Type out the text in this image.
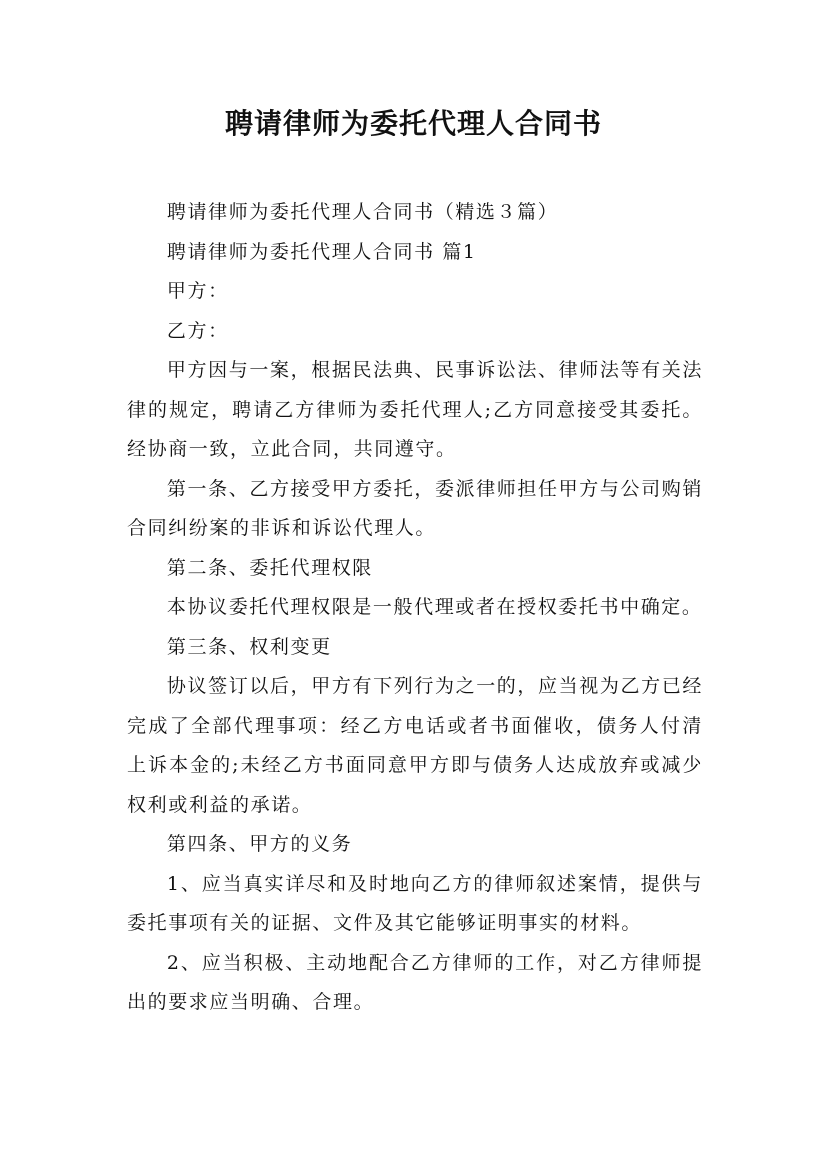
聘请律师为委托代理人合同书

聘请律师为委托代理人合同书（精选３篇）

聘请律师为委托代理人合同书 篇1

甲方：

乙方：

甲方因与一案，根据民法典、民事诉讼法、律师法等有关法律的规定，聘请乙方律师为委托代理人;乙方同意接受其委托。经协商一致，立此合同，共同遵守。

第一条、乙方接受甲方委托，委派律师担任甲方与公司购销合同纠纷案的非诉和诉讼代理人。

第二条、委托代理权限

本协议委托代理权限是一般代理或者在授权委托书中确定。

第三条、权利变更

协议签订以后，甲方有下列行为之一的，应当视为乙方已经完成了全部代理事项：经乙方电话或者书面催收，债务人付清上诉本金的;未经乙方书面同意甲方即与债务人达成放弃或减少权利或利益的承诺。

第四条、甲方的义务

1、应当真实详尽和及时地向乙方的律师叙述案情，提供与委托事项有关的证据、文件及其它能够证明事实的材料。

2、应当积极、主动地配合乙方律师的工作，对乙方律师提出的要求应当明确、合理。
